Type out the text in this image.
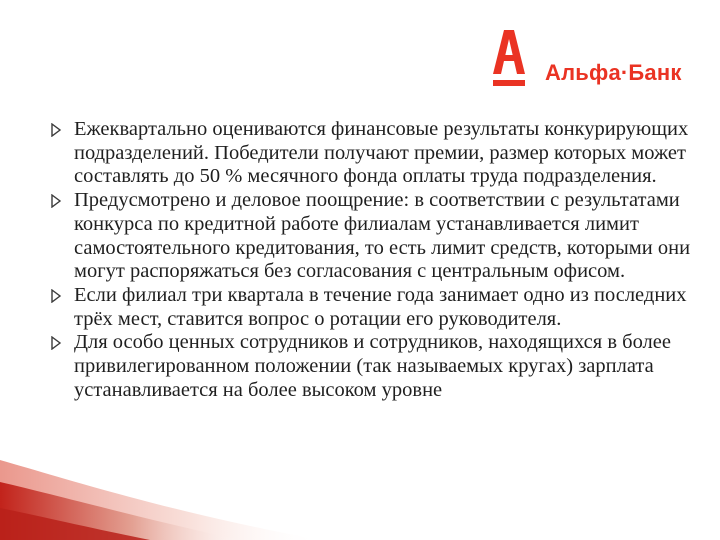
Альфа·Банк
Ежеквартально оцениваются финансовые результаты конкурирующих подразделений. Победители получают премии, размер которых может составлять до 50 % месячного фонда оплаты труда подразделения.
Предусмотрено и деловое поощрение: в соответствии с результатами конкурса по кредитной работе филиалам устанавливается лимит самостоятельного кредитования, то есть лимит средств, которыми они могут распоряжаться без согласования с центральным офисом.
Если филиал три квартала в течение года занимает одно из последних трёх мест, ставится вопрос о ротации его руководителя.
Для особо ценных сотрудников и сотрудников, находящихся в более привилегированном положении (так называемых кругах) зарплата устанавливается на более высоком уровне
